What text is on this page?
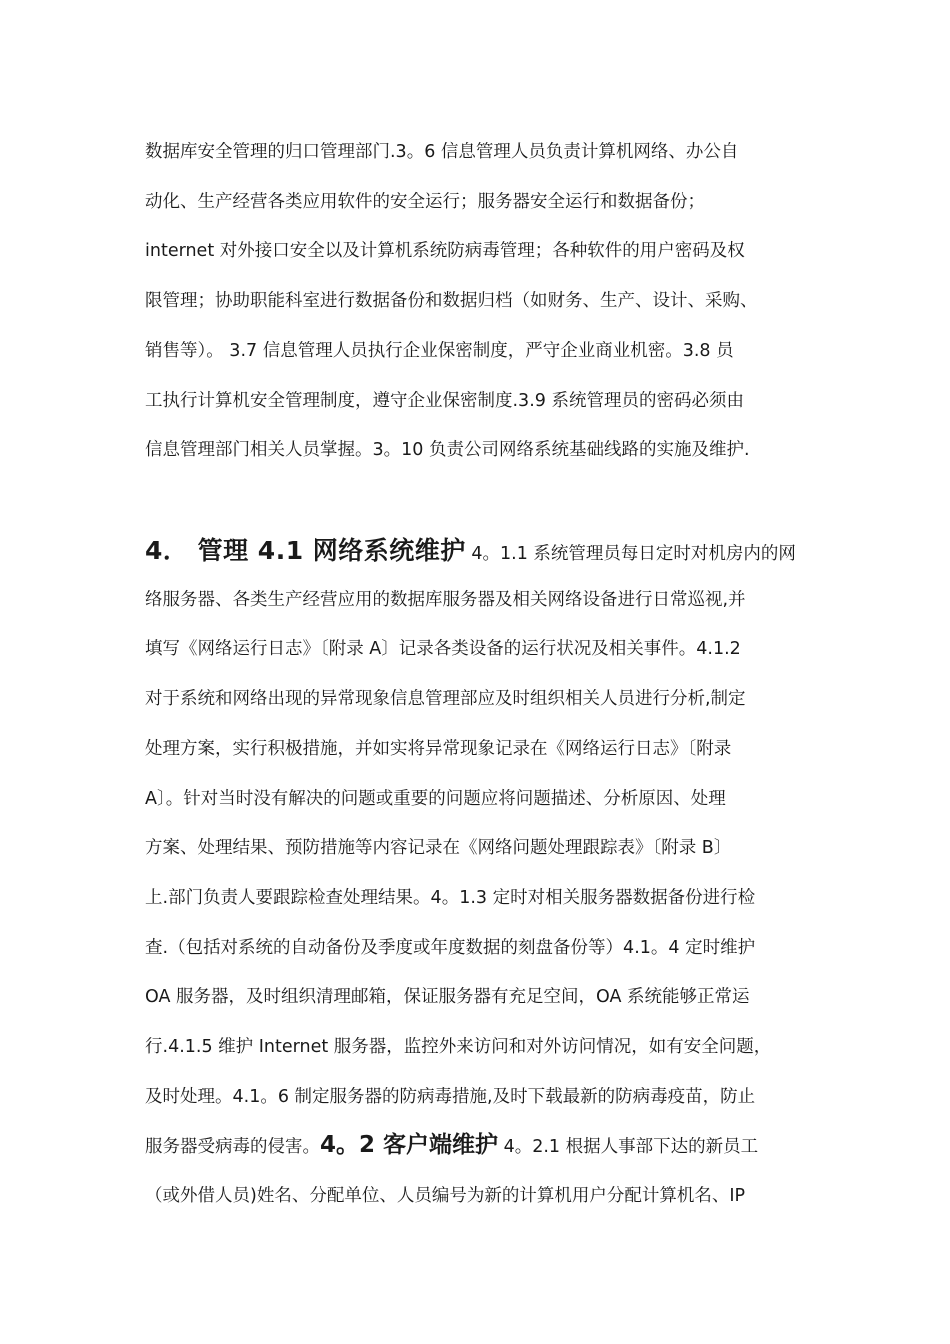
数据库安全管理的归口管理部门.3。6 信息管理人员负责计算机网络、办公自
动化、生产经营各类应用软件的安全运行；服务器安全运行和数据备份；
internet 对外接口安全以及计算机系统防病毒管理；各种软件的用户密码及权
限管理；协助职能科室进行数据备份和数据归档（如财务、生产、设计、采购、
销售等）。 3.7 信息管理人员执行企业保密制度，严守企业商业机密。3.8 员
工执行计算机安全管理制度，遵守企业保密制度.3.9 系统管理员的密码必须由
信息管理部门相关人员掌握。3。10 负责公司网络系统基础线路的实施及维护.
4． 管理 4.1 网络系统维护 4。1.1 系统管理员每日定时对机房内的网
络服务器、各类生产经营应用的数据库服务器及相关网络设备进行日常巡视,并
填写《网络运行日志》〔附录 A〕记录各类设备的运行状况及相关事件。4.1.2
对于系统和网络出现的异常现象信息管理部应及时组织相关人员进行分析,制定
处理方案，实行积极措施，并如实将异常现象记录在《网络运行日志》〔附录
A〕。针对当时没有解决的问题或重要的问题应将问题描述、分析原因、处理
方案、处理结果、预防措施等内容记录在《网络问题处理跟踪表》〔附录 B〕
上.部门负责人要跟踪检查处理结果。4。1.3 定时对相关服务器数据备份进行检
查.（包括对系统的自动备份及季度或年度数据的刻盘备份等）4.1。4 定时维护
OA 服务器，及时组织清理邮箱，保证服务器有充足空间，OA 系统能够正常运
行.4.1.5 维护 Internet 服务器，监控外来访问和对外访问情况，如有安全问题，
及时处理。4.1。6 制定服务器的防病毒措施,及时下载最新的防病毒疫苗，防止
服务器受病毒的侵害。4。2 客户端维护 4。2.1 根据人事部下达的新员工
（或外借人员)姓名、分配单位、人员编号为新的计算机用户分配计算机名、IP
